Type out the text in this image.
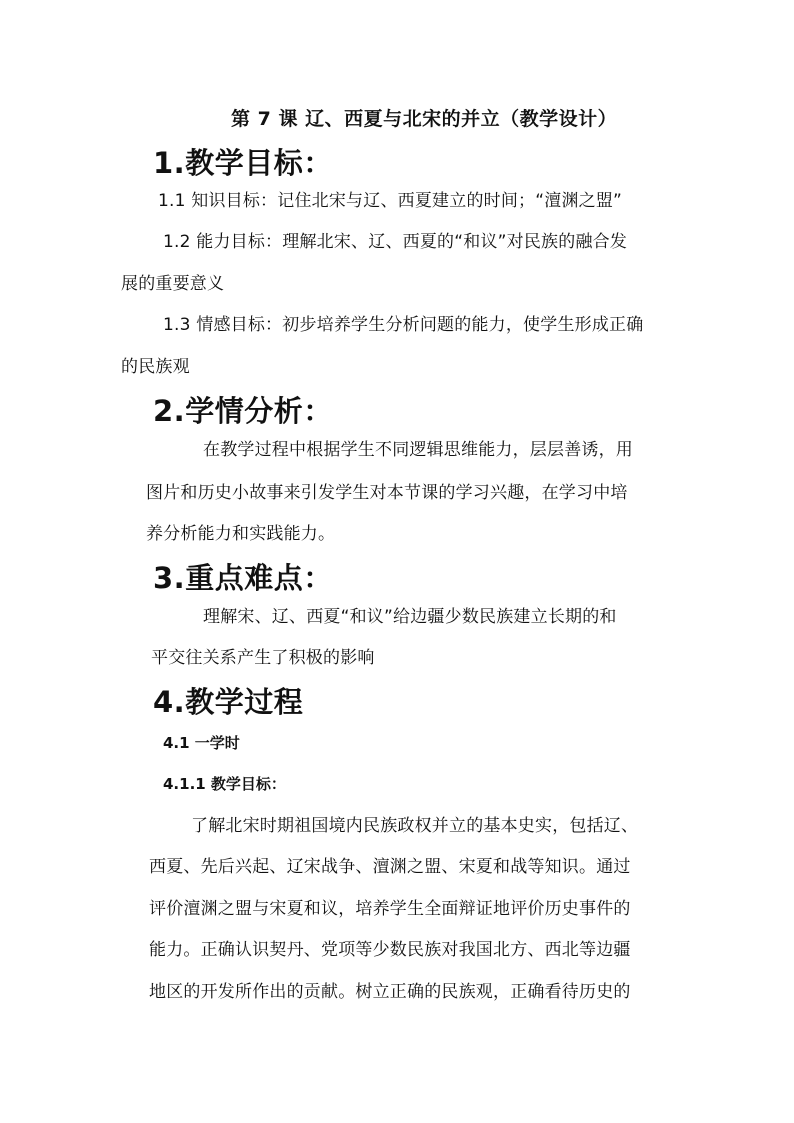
第 7 课 辽、西夏与北宋的并立（教学设计）
1.教学目标：
1.1 知识目标：记住北宋与辽、西夏建立的时间；“澶渊之盟”
1.2 能力目标：理解北宋、辽、西夏的“和议”对民族的融合发
展的重要意义
1.3 情感目标：初步培养学生分析问题的能力，使学生形成正确
的民族观
2.学情分析：
在教学过程中根据学生不同逻辑思维能力，层层善诱，用
图片和历史小故事来引发学生对本节课的学习兴趣，在学习中培
养分析能力和实践能力。
3.重点难点：
理解宋、辽、西夏“和议”给边疆少数民族建立长期的和
平交往关系产生了积极的影响
4.教学过程
4.1 一学时
4.1.1 教学目标：
了解北宋时期祖国境内民族政权并立的基本史实，包括辽、
西夏、先后兴起、辽宋战争、澶渊之盟、宋夏和战等知识。通过
评价澶渊之盟与宋夏和议，培养学生全面辩证地评价历史事件的
能力。正确认识契丹、党项等少数民族对我国北方、西北等边疆
地区的开发所作出的贡献。树立正确的民族观，正确看待历史的
